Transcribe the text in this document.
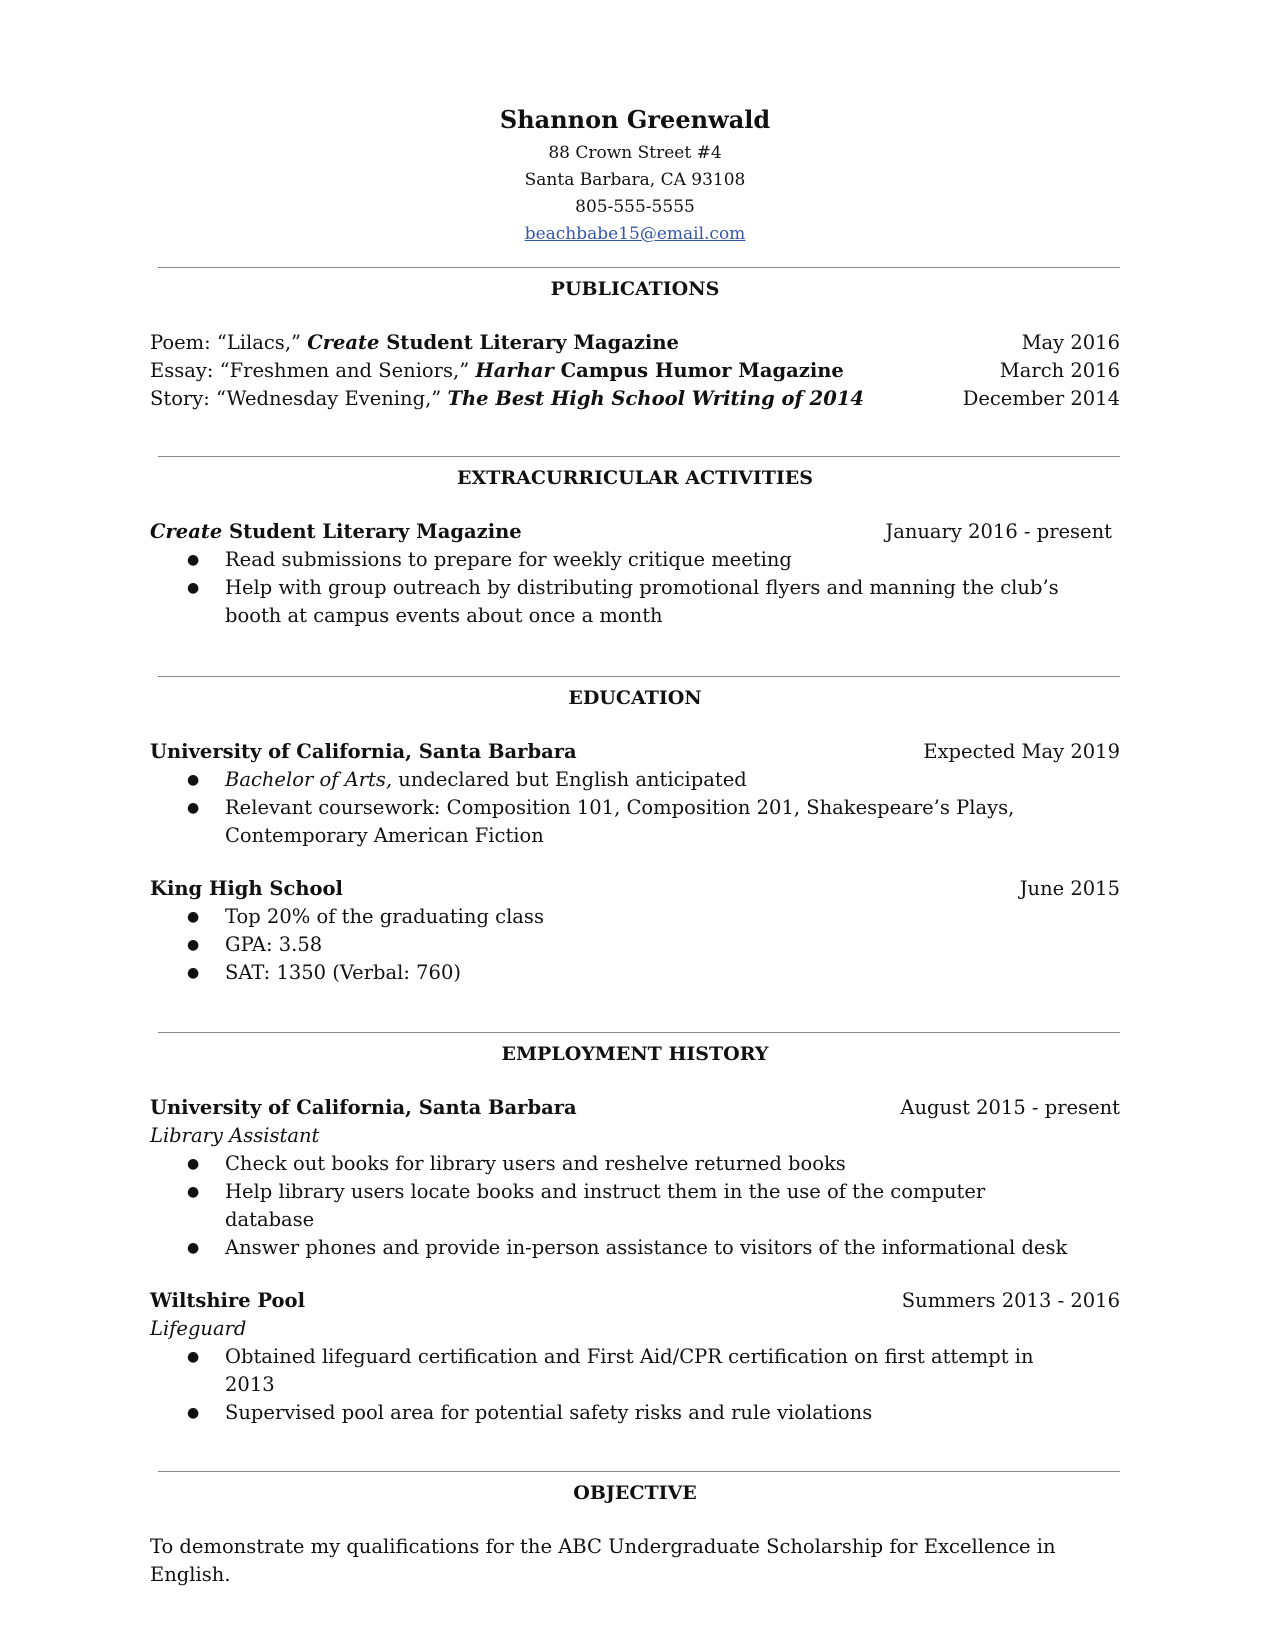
Shannon Greenwald
88 Crown Street #4
Santa Barbara, CA 93108
805-555-5555
beachbabe15@email.com
PUBLICATIONS
Poem: “Lilacs,” Create Student Literary Magazine	May 2016
Essay: “Freshmen and Seniors,” Harhar Campus Humor Magazine	March 2016
Story: “Wednesday Evening,” The Best High School Writing of 2014	December 2014
EXTRACURRICULAR ACTIVITIES
Create Student Literary Magazine	January 2016 - present
● Read submissions to prepare for weekly critique meeting
● Help with group outreach by distributing promotional flyers and manning the club’s booth at campus events about once a month
EDUCATION
University of California, Santa Barbara	Expected May 2019
● Bachelor of Arts, undeclared but English anticipated
● Relevant coursework: Composition 101, Composition 201, Shakespeare’s Plays, Contemporary American Fiction
King High School	June 2015
● Top 20% of the graduating class
● GPA: 3.58
● SAT: 1350 (Verbal: 760)
EMPLOYMENT HISTORY
University of California, Santa Barbara	August 2015 - present
Library Assistant
● Check out books for library users and reshelve returned books
● Help library users locate books and instruct them in the use of the computer database
● Answer phones and provide in-person assistance to visitors of the informational desk
Wiltshire Pool	Summers 2013 - 2016
Lifeguard
● Obtained lifeguard certification and First Aid/CPR certification on first attempt in 2013
● Supervised pool area for potential safety risks and rule violations
OBJECTIVE
To demonstrate my qualifications for the ABC Undergraduate Scholarship for Excellence in English.
